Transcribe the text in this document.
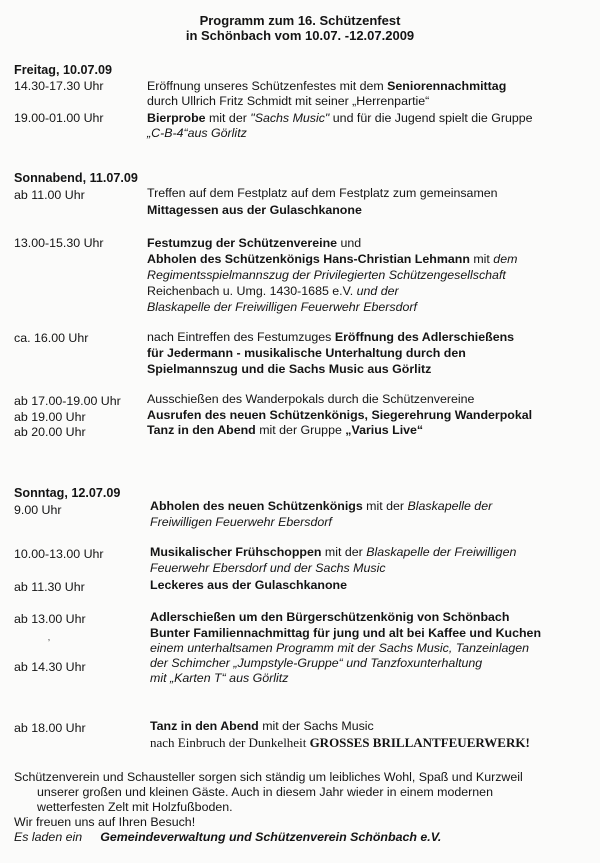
Programm zum 16. Schützenfest
in Schönbach vom 10.07. -12.07.2009
Freitag, 10.07.09
14.30-17.30 Uhr	Eröffnung unseres Schützenfestes mit dem Seniorennachmittag
durch Ullrich Fritz Schmidt mit seiner „Herrenpartie“
19.00-01.00 Uhr	Bierprobe mit der "Sachs Music" und für die Jugend spielt die Gruppe
„C-B-4“aus Görlitz
Sonnabend, 11.07.09
ab 11.00 Uhr	Treffen auf dem Festplatz auf dem Festplatz zum gemeinsamen
Mittagessen aus der Gulaschkanone
13.00-15.30 Uhr	Festumzug der Schützenvereine und
Abholen des Schützenkönigs Hans-Christian Lehmann mit dem
Regimentsspielmannszug der Privilegierten Schützengesellschaft
Reichenbach u. Umg. 1430-1685 e.V. und der
Blaskapelle der Freiwilligen Feuerwehr Ebersdorf
ca. 16.00 Uhr	nach Eintreffen des Festumzuges Eröffnung des Adlerschießens
für Jedermann - musikalische Unterhaltung durch den
Spielmannszug und die Sachs Music aus Görlitz
ab 17.00-19.00 Uhr Ausschießen des Wanderpokals durch die Schützenvereine
ab 19.00 Uhr	Ausrufen des neuen Schützenkönigs, Siegerehrung Wanderpokal
ab 20.00 Uhr	Tanz in den Abend mit der Gruppe „Varius Live“
Sonntag, 12.07.09
9.00 Uhr	Abholen des neuen Schützenkönigs mit der Blaskapelle der
Freiwilligen Feuerwehr Ebersdorf
10.00-13.00 Uhr	Musikalischer Frühschoppen mit der Blaskapelle der Freiwilligen
Feuerwehr Ebersdorf und der Sachs Music
ab 11.30 Uhr	Leckeres aus der Gulaschkanone
ab 13.00 Uhr	Adlerschießen um den Bürgerschützenkönig von Schönbach
Bunter Familiennachmittag für jung und alt bei Kaffee und Kuchen
einem unterhaltsamen Programm mit der Sachs Music, Tanzeinlagen
der Schimcher „Jumpstyle-Gruppe“ und Tanzfoxunterhaltung
mit „Karten T“ aus Görlitz
ʼ
ab 14.30 Uhr
ab 18.00 Uhr	Tanz in den Abend mit der Sachs Music
nach Einbruch der Dunkelheit GROSSES BRILLANTFEUERWERK!
Schützenverein und Schausteller sorgen sich ständig um leibliches Wohl, Spaß und Kurzweil
unserer großen und kleinen Gäste. Auch in diesem Jahr wieder in einem modernen
wetterfesten Zelt mit Holzfußboden.
Wir freuen uns auf Ihren Besuch!
Es laden ein Gemeindeverwaltung und Schützenverein Schönbach e.V.
